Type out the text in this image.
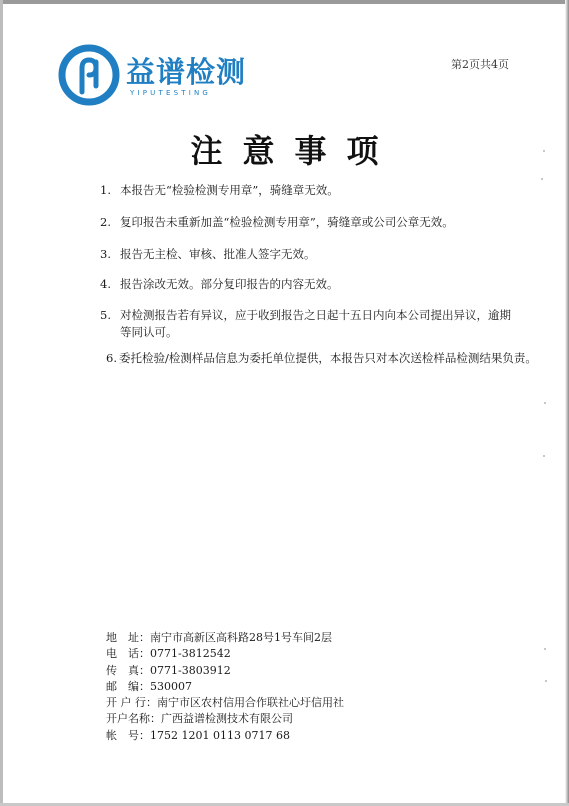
益谱检测
YIPUTESTING
第2页共4页
注意事项
1. 本报告无“检验检测专用章”，骑缝章无效。
2. 复印报告未重新加盖“检验检测专用章”，骑缝章或公司公章无效。
3. 报告无主检、审核、批准人签字无效。
4. 报告涂改无效。部分复印报告的内容无效。
5. 对检测报告若有异议，应于收到报告之日起十五日内向本公司提出异议，逾期等同认可。
6. 委托检验/检测样品信息为委托单位提供，本报告只对本次送检样品检测结果负责。
地　址：南宁市高新区高科路28号1号车间2层
电　话：0771-3812542
传　真：0771-3803912
邮　编：530007
开 户 行：南宁市区农村信用合作联社心圩信用社
开户名称：广西益谱检测技术有限公司
帐　号：1752 1201 0113 0717 68
